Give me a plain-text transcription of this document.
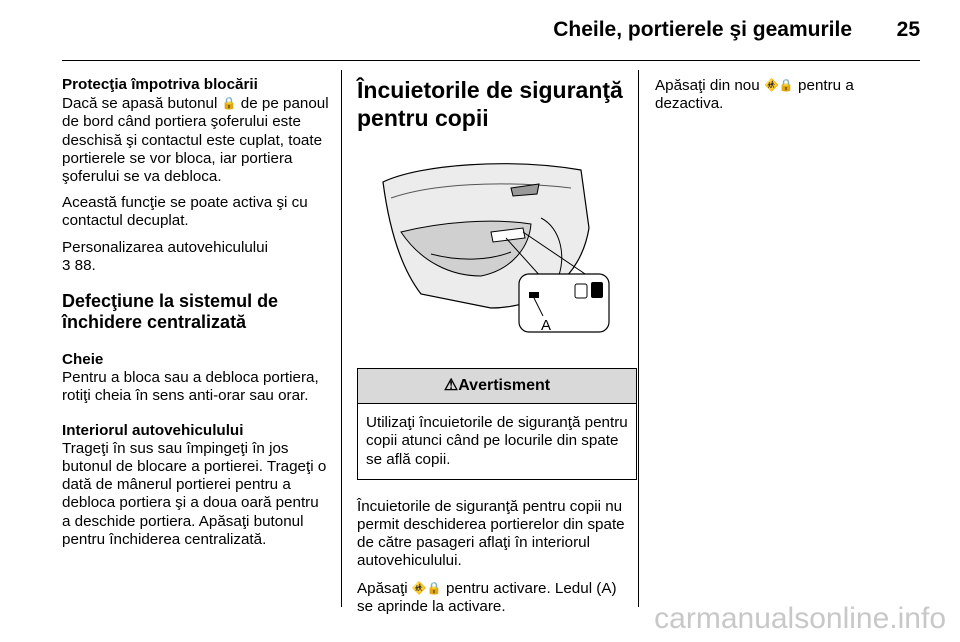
Cheile, portierele şi geamurile 25
Protecţia împotriva blocării

Dacă se apasă butonul 🔒 de pe panoul de bord când portiera şoferului este deschisă şi contactul este cuplat, toate portierele se vor bloca, iar portiera şoferului se va debloca.

Această funcţie se poate activa şi cu contactul decuplat.

Personalizarea autovehiculului
3 88.

Defecţiune la sistemul de închidere centralizată
Cheie

Pentru a bloca sau a debloca portiera, rotiţi cheia în sens anti-orar sau orar.

Interiorul autovehiculului

Trageţi în sus sau împingeţi în jos butonul de blocare a portierei. Trageţi o dată de mânerul portierei pentru a debloca portiera şi a doua oară pentru a deschide portiera. Apăsaţi butonul pentru închiderea centralizată.

Încuietorile de siguranţă pentru copii
A
⚠Avertisment
Utilizaţi încuietorile de siguranţă pentru copii atunci când pe locurile din spate se află copii.

Încuietorile de siguranţă pentru copii nu permit deschiderea portierelor din spate de către pasageri aflaţi în interiorul autovehiculului.

Apăsaţi 🚸🔒 pentru activare. Ledul (A) se aprinde la activare.

Apăsaţi din nou 🚸🔒 pentru a dezactiva.

carmanualsonline.info
